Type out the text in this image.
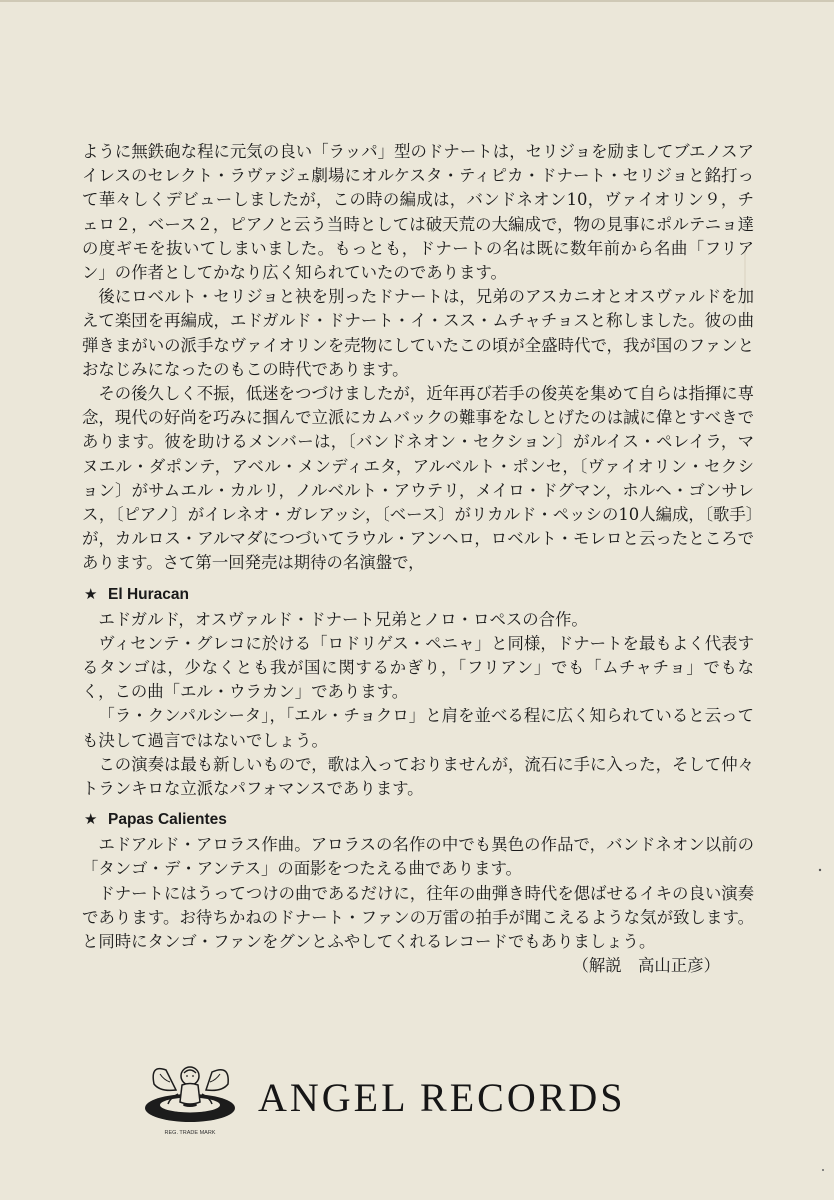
ように無鉄砲な程に元気の良い「ラッパ」型のドナートは，セリジョを励ましてブエノスアイレスのセレクト・ラヴァジェ劇場にオルケスタ・ティピカ・ドナート・セリジョと銘打って華々しくデビューしましたが，この時の編成は，バンドネオン10，ヴァイオリン９，チェロ２，ベース２，ピアノと云う当時としては破天荒の大編成で，物の見事にポルテニョ達の度ギモを抜いてしまいました。もっとも，ドナートの名は既に数年前から名曲「フリアン」の作者としてかなり広く知られていたのであります。

後にロベルト・セリジョと袂を別ったドナートは，兄弟のアスカニオとオスヴァルドを加えて楽団を再編成，エドガルド・ドナート・イ・スス・ムチャチョスと称しました。彼の曲弾きまがいの派手なヴァイオリンを売物にしていたこの頃が全盛時代で，我が国のファンとおなじみになったのもこの時代であります。

その後久しく不振，低迷をつづけましたが，近年再び若手の俊英を集めて自らは指揮に専念，現代の好尚を巧みに掴んで立派にカムバックの難事をなしとげたのは誠に偉とすべきであります。彼を助けるメンバーは，〔バンドネオン・セクション〕がルイス・ペレイラ，マヌエル・ダポンテ，アベル・メンディエタ，アルベルト・ポンセ，〔ヴァイオリン・セクション〕がサムエル・カルリ，ノルベルト・アウテリ，メイロ・ドグマン，ホルヘ・ゴンサレス，〔ピアノ〕がイレネオ・ガレアッシ，〔ベース〕がリカルド・ペッシの10人編成，〔歌手〕が，カルロス・アルマダにつづいてラウル・アンヘロ，ロベルト・モレロと云ったところであります。さて第一回発売は期待の名演盤で，

★ El Huracan

エドガルド，オスヴァルド・ドナート兄弟とノロ・ロペスの合作。

ヴィセンテ・グレコに於ける「ロドリゲス・ペニャ」と同様，ドナートを最もよく代表するタンゴは，少なくとも我が国に関するかぎり，「フリアン」でも「ムチャチョ」でもなく，この曲「エル・ウラカン」であります。

「ラ・クンパルシータ」，「エル・チョクロ」と肩を並べる程に広く知られていると云っても決して過言ではないでしょう。

この演奏は最も新しいもので，歌は入っておりませんが，流石に手に入った，そして仲々トランキロな立派なパフォマンスであります。

★ Papas Calientes

エドアルド・アロラス作曲。アロラスの名作の中でも異色の作品で，バンドネオン以前の「タンゴ・デ・アンテス」の面影をつたえる曲であります。

ドナートにはうってつけの曲であるだけに，往年の曲弾き時代を偲ばせるイキの良い演奏であります。お待ちかねのドナート・ファンの万雷の拍手が聞こえるような気が致します。と同時にタンゴ・ファンをグンとふやしてくれるレコードでもありましょう。

（解説　高山正彦）
REG. TRADE MARK
ANGEL RECORDS
